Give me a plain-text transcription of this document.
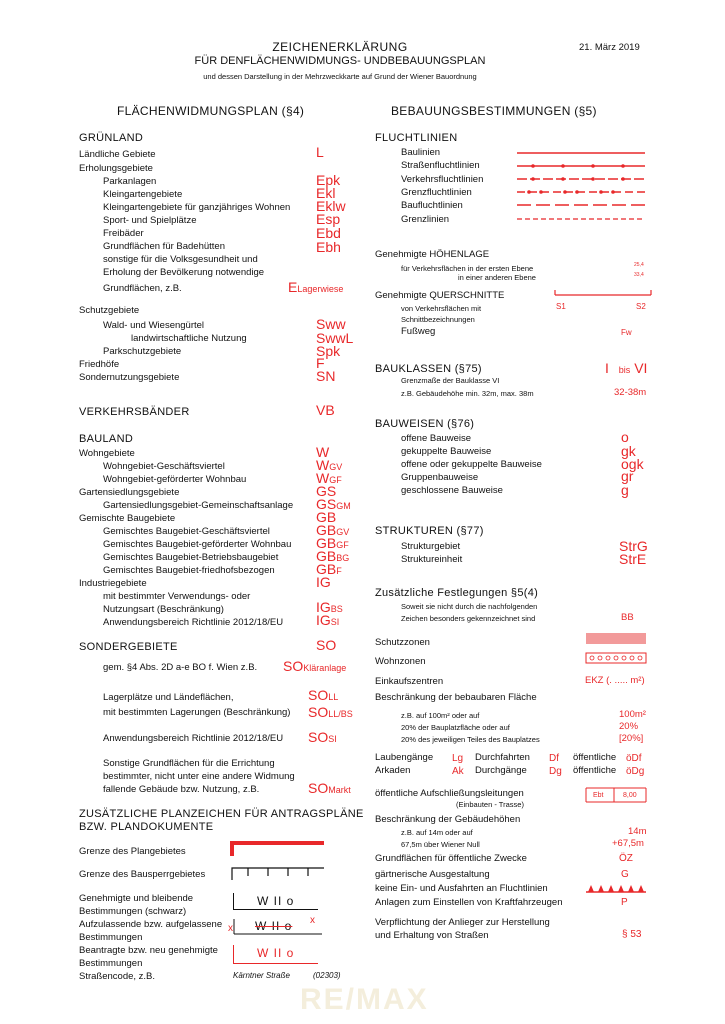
ZEICHENERKLÄRUNG
FÜR DENFLÄCHENWIDMUNGS- UNDBEBAUUNGSPLAN
und dessen Darstellung in der Mehrzweckkarte auf Grund der Wiener Bauordnung
21. März 2019
FLÄCHENWIDMUNGSPLAN (§4)
GRÜNLAND
Ländliche Gebiete	L
Erholungsgebiete
Parkanlagen	Epk
Kleingartengebiete	Ekl
Kleingartengebiete für ganzjähriges Wohnen Eklw
Sport- und Spielplätze	Esp
Freibäder	Ebd
Grundflächen für Badehütten	Ebh
sonstige für die Volksgesundheit und
Erholung der Bevölkerung notwendige
Grundflächen, z.B.	ELagerwiese
Schutzgebiete
Wald- und Wiesengürtel	Sww
landwirtschaftliche Nutzung	SwwL
Parkschutzgebiete	Spk
Friedhöfe	F
Sondernutzungsgebiete	SN
VERKEHRSBÄNDER	VB
BAULAND
Wohngebiete	W
Wohngebiet-Geschäftsviertel	WGV
Wohngebiet-geförderter Wohnbau	WGF
Gartensiedlungsgebiete	GS
Gartensiedlungsgebiet-Gemeinschaftsanlage GSGM
Gemischte Baugebiete	GB
Gemischtes Baugebiet-Geschäftsviertel	GBGV
Gemischtes Baugebiet-geförderter Wohnbau GBGF
Gemischtes Baugebiet-Betriebsbaugebiet	GBBG
Gemischtes Baugebiet-friedhofsbezogen	GBF
Industriegebiete	IG
mit bestimmter Verwendungs- oder
Nutzungsart (Beschränkung)	IGBS
Anwendungsbereich Richtlinie 2012/18/EU IGSI
SONDERGEBIETE	SO
gem. §4 Abs. 2D a-e BO f. Wien z.B. SOKläranlage
Lagerplätze und Ländeflächen,	SOLL
mit bestimmten Lagerungen (Beschränkung) SOLL/BS
Anwendungsbereich Richtlinie 2012/18/EU SOSI
Sonstige Grundflächen für die Errichtung
bestimmter, nicht unter eine andere Widmung
fallende Gebäude bzw. Nutzung, z.B.	SOMarkt
ZUSÄTZLICHE PLANZEICHEN FÜR ANTRAGSPLÄNE
BZW. PLANDOKUMENTE
Grenze des Plangebietes
Grenze des Bausperrgebietes
Genehmigte und bleibende
Bestimmungen (schwarz)
Aufzulassende bzw. aufgelassene
Bestimmungen
Beantragte bzw. neu genehmigte
Bestimmungen
Straßencode, z.B.
W II o
x
x
W II o
W II o
Kärntner Straße	(02303)
BEBAUUNGSBESTIMMUNGEN (§5)
FLUCHTLINIEN
Baulinien
Straßenfluchtlinien
Verkehrsfluchtlinien
Grenzfluchtlinien
Baufluchtlinien
Grenzlinien
Genehmigte HÖHENLAGE
für Verkehrsflächen in der ersten Ebene
in einer anderen Ebene
25,4
33,4
Genehmigte QUERSCHNITTE
von Verkehrsflächen mit
Schnittbezeichnungen
S1	S2
Fußweg	Fw
BAUKLASSEN (§75)	I bis VI
Grenzmaße der Bauklasse VI
z.B. Gebäudehöhe min. 32m, max. 38m	32-38m
BAUWEISEN (§76)
offene Bauweise	o
gekuppelte Bauweise	gk
offene oder gekuppelte Bauweise	ogk
Gruppenbauweise	gr
geschlossene Bauweise	g
STRUKTUREN (§77)
Strukturgebiet	StrG
Struktureinheit	StrE
Zusätzliche Festlegungen §5(4)
Soweit sie nicht durch die nachfolgenden
Zeichen besonders gekennzeichnet sind	BB
Schutzzonen
Wohnzonen
Einkaufszentren	EKZ (. ..... m²)
Beschränkung der bebaubaren Fläche
z.B. auf 100m² oder auf	100m²
20% der Bauplatzfläche oder auf	20%
20% des jeweiligen Teiles des Bauplatzes	[20%]
Laubengänge Lg Durchfahrten Df öffentliche öDf
Arkaden	Ak Durchgänge Dg öffentliche öDg
öffentliche Aufschließungsleitungen
(Einbauten - Trasse)
Ebt	8,00
Beschränkung der Gebäudehöhen
z.B. auf 14m oder auf
67,5m über Wiener Null
14m
+67,5m
Grundflächen für öffentliche Zwecke	ÖZ
gärtnerische Ausgestaltung	G
keine Ein- und Ausfahrten an Fluchtlinien
Anlagen zum Einstellen von Kraftfahrzeugen	P
Verpflichtung der Anlieger zur Herstellung
und Erhaltung von Straßen	§ 53
RE/MAX
